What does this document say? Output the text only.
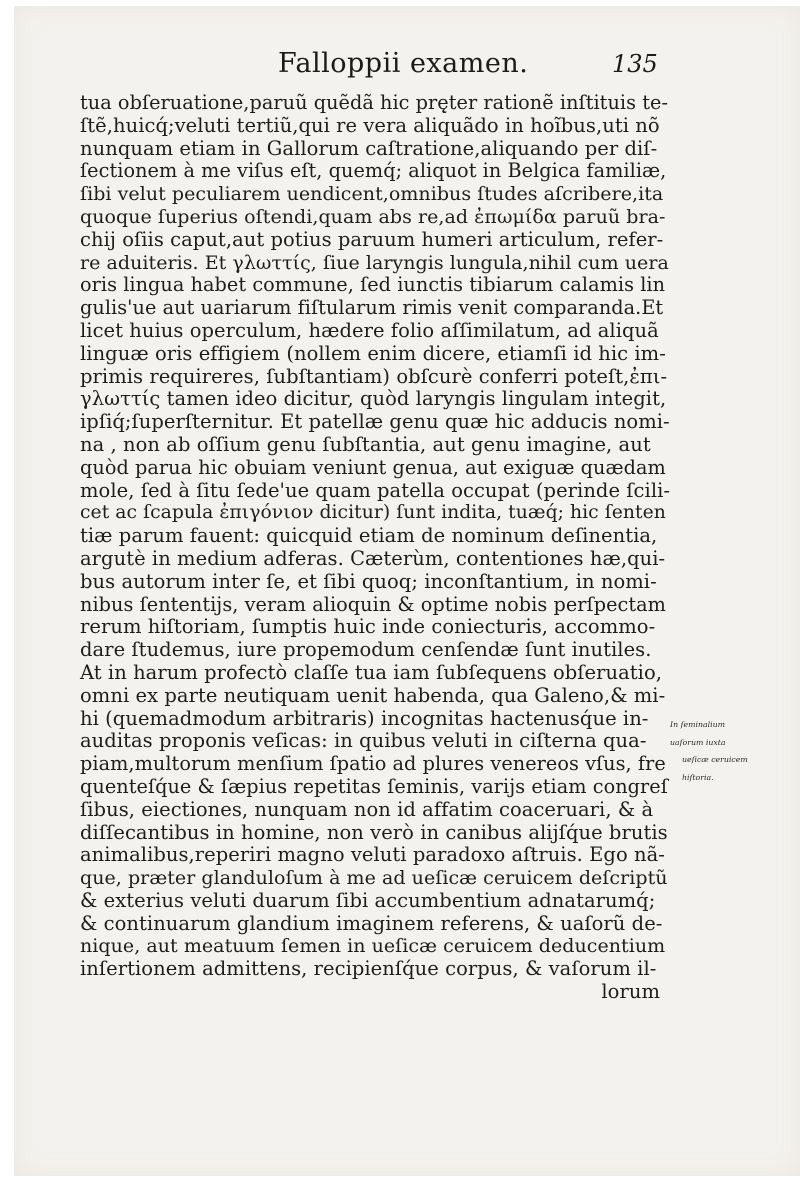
Falloppii examen.	135
tua obſeruatione,paruũ quẽdã hic prę̨ter rationẽ inſtituis te-
ſtẽ,huicq́;veluti tertiũ,qui re vera aliquãdo in hoĩbus,uti nõ
nunquam etiam in Gallorum caſtratione,aliquando per diſ-
ſectionem à me viſus eſt, quemq́; aliquot in Belgica familiæ,
ſibi velut peculiarem uendicent,omnibus ſtudes aſcribere,ita
quoque ſuperius oſtendi,quam abs re,ad ἐπωμίδα paruũ bra-
chij oſiis caput,aut potius paruum humeri articulum, refer-
re aduiteris. Et γλωττίς, ſiue laryngis lungula,nihil cum uera
oris lingua habet commune, ſed iunctis tibiarum calamis lin
gulis'ue aut uariarum fiſtularum rimis venit comparanda.Et
licet huius operculum, hædere folio aſſimilatum, ad aliquã
linguæ oris effigiem (nollem enim dicere, etiamſi id hic im-
primis requireres, ſubſtantiam) obſcurè conferri poteſt,ἐπι-
γλωττίς tamen ideo dicitur, quòd laryngis lingulam integit,
ipſiq́;ſuperſternitur. Et patellæ genu quæ hic adducis nomi-
na , non ab oſſium genu ſubſtantia, aut genu imagine, aut
quòd parua hic obuiam veniunt genua, aut exiguæ quædam
mole, ſed à ſitu ſede'ue quam patella occupat (perinde ſcili-
cet ac ſcapula ἐπιγόνιον dicitur) ſunt indita, tuæq́; hic ſenten
tiæ parum fauent: quicquid etiam de nominum deſinentia,
argutè in medium adferas. Cæterùm, contentiones hæ,qui-
bus autorum inter ſe, et ſibi quoq; inconſtantium, in nomi-
nibus ſententijs, veram alioquin & optime nobis perſpectam
rerum hiſtoriam, ſumptis huic inde coniecturis, accommo-
dare ſtudemus, iure propemodum cenſendæ ſunt inutiles.
At in harum profectò claſſe tua iam ſubſequens obſeruatio,
omni ex parte neutiquam uenit habenda, qua Galeno,& mi-
hi (quemadmodum arbitraris) incognitas hactenusq́ue in-
auditas proponis veſicas: in quibus veluti in ciſterna qua-
piam,multorum menſium ſpatio ad plures venereos vſus, fre
quenteſq́ue & ſæpius repetitas ſeminis, varijs etiam congreſ
ſibus, eiectiones, nunquam non id affatim coaceruari, & à
diſſecantibus in homine, non verò in canibus alijſq́ue brutis
animalibus,reperiri magno veluti paradoxo aſtruis. Ego nã-
que, præter glandulоſum à me ad ueſicæ ceruicem deſcriptũ
& exterius veluti duarum ſibi accumbentium adnatarumq́;
& continuarum glandium imaginem referens, & uaſorũ de-
nique, aut meatuum ſemen in ueſicæ ceruicem deducentium
inſertionem admittens, recipienſq́ue corpus, & vaſorum il-
lorum
In ſeminalium
uaſorum iuxta
ueſicæ ceruicem
hiſtoria.
